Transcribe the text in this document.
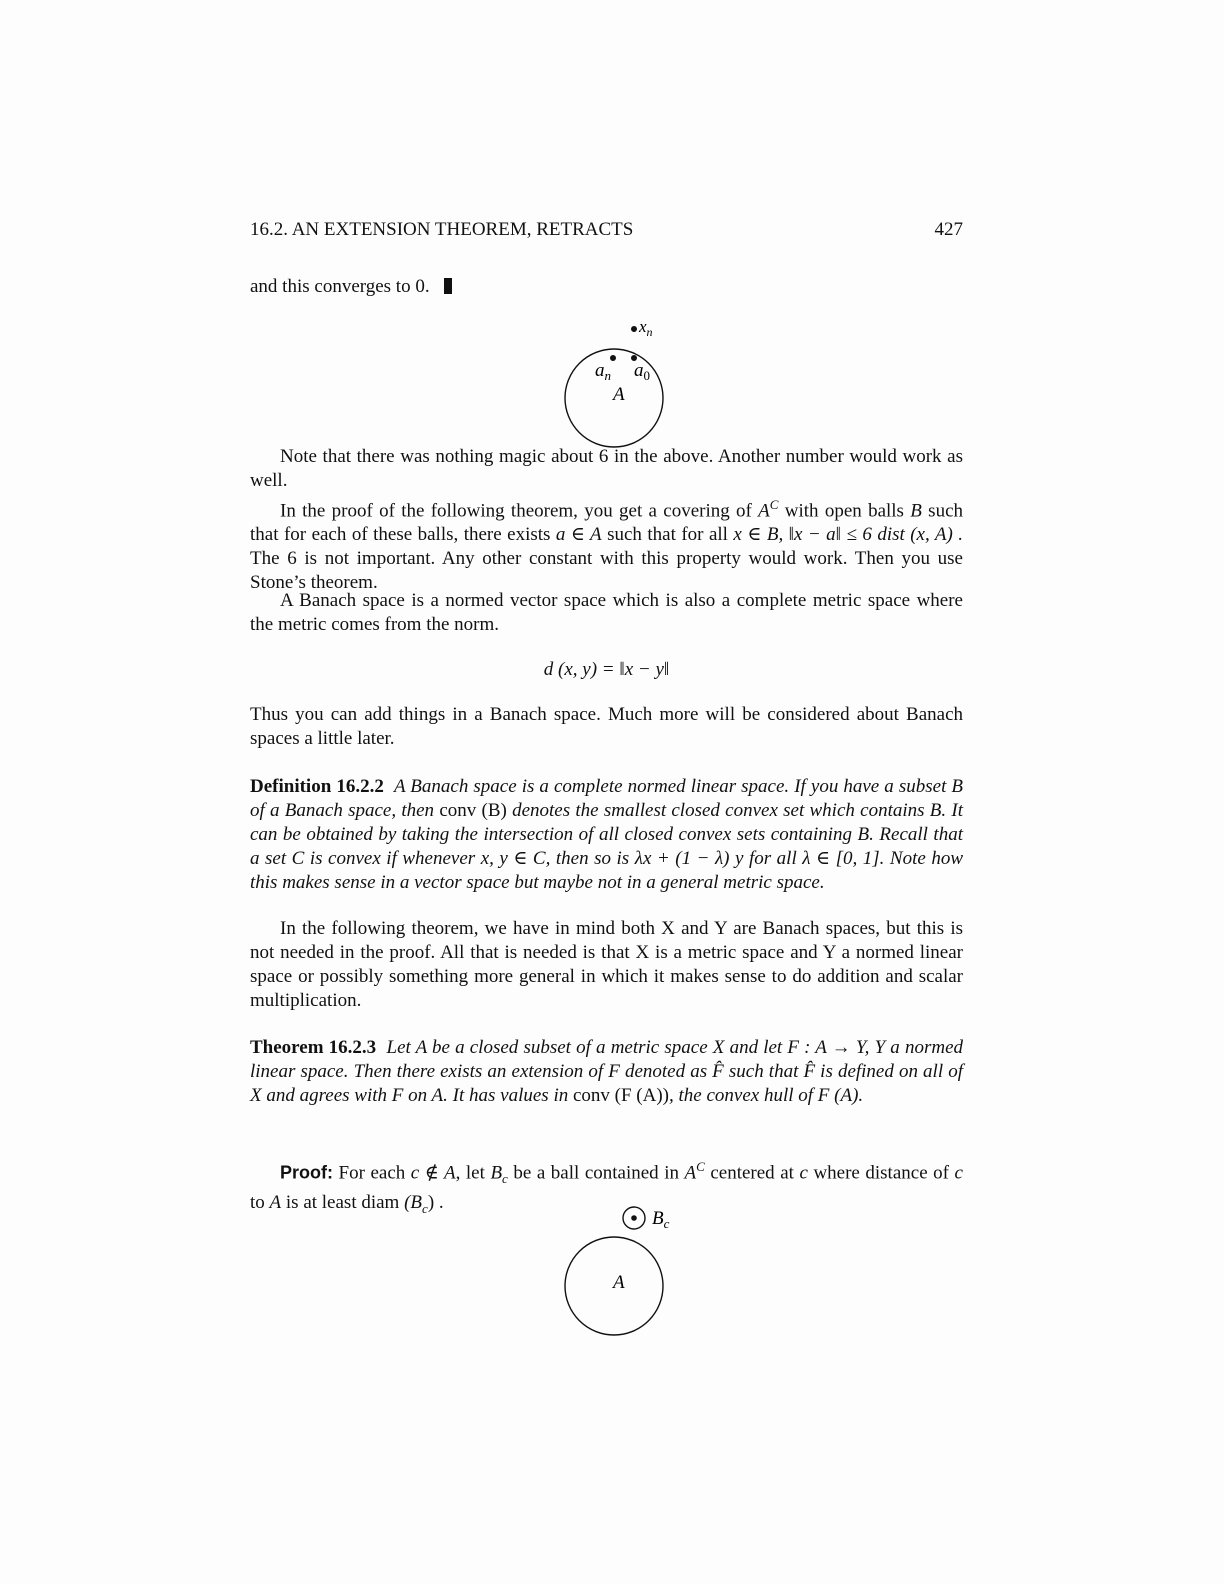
16.2. AN EXTENSION THEOREM, RETRACTS	427
and this converges to 0.
$x_n$
$a_n$ $a_0$
A
Note that there was nothing magic about 6 in the above. Another number would work as well.
In the proof of the following theorem, you get a covering of $A^C$ with open balls B such that for each of these balls, there exists a ∈ A such that for all x ∈ B, ‖x − a‖ ≤ 6 dist (x, A) . The 6 is not important. Any other constant with this property would work. Then you use Stone’s theorem.
A Banach space is a normed vector space which is also a complete metric space where the metric comes from the norm.
d (x, y) = ‖x − y‖
Thus you can add things in a Banach space. Much more will be considered about Banach spaces a little later.
Definition 16.2.2 A Banach space is a complete normed linear space. If you have a subset B of a Banach space, then conv (B) denotes the smallest closed convex set which contains B. It can be obtained by taking the intersection of all closed convex sets containing B. Recall that a set C is convex if whenever x, y ∈ C, then so is λx + (1 − λ) y for all λ ∈ [0, 1]. Note how this makes sense in a vector space but maybe not in a general metric space.
In the following theorem, we have in mind both X and Y are Banach spaces, but this is not needed in the proof. All that is needed is that X is a metric space and Y a normed linear space or possibly something more general in which it makes sense to do addition and scalar multiplication.
Theorem 16.2.3 Let A be a closed subset of a metric space X and let F : A → Y, Y a normed linear space. Then there exists an extension of F denoted as F̂ such that F̂ is defined on all of X and agrees with F on A. It has values in conv (F (A)), the convex hull of F (A).
Proof: For each c ∉ A, let $B_c$ be a ball contained in $A^C$ centered at c where distance of c to A is at least diam $(B_c)$ .
$B_c$
A
